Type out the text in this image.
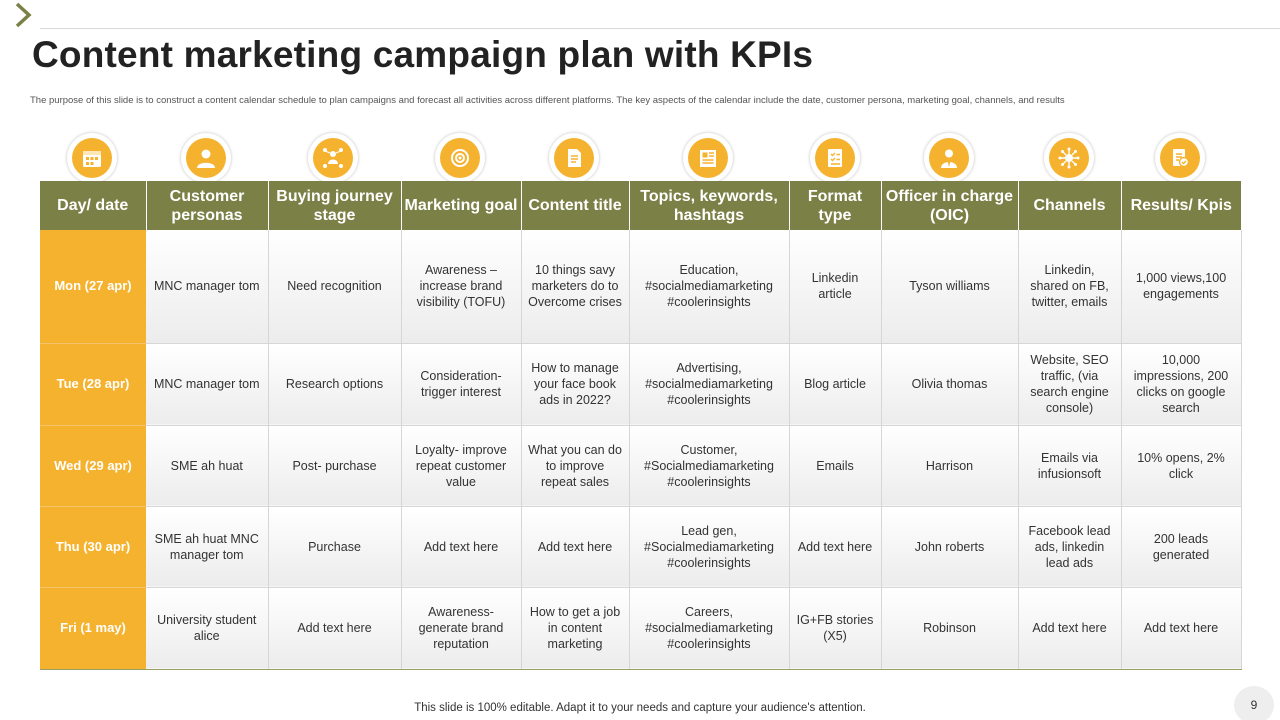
Content marketing campaign plan with KPIs

The purpose of this slide is to construct a content calendar schedule to plan campaigns and forecast all activities across different platforms. The key aspects of the calendar include the date, customer persona, marketing goal, channels, and results

Day/ date	Customer personas	Buying journey stage	Marketing goal	Content title	Topics, keywords, hashtags	Format type	Officer in charge (OIC)	Channels	Results/ Kpis
Mon (27 apr)	MNC manager tom	Need recognition	Awareness – increase brand visibility (TOFU)	10 things savy marketers do to Overcome crises	Education, #socialmediamarketing #coolerinsights	Linkedin article	Tyson williams	Linkedin, shared on FB, twitter, emails	1,000 views,100 engagements
Tue (28 apr)	MNC manager tom	Research options	Consideration- trigger interest	How to manage your face book ads in 2022?	Advertising, #socialmediamarketing #coolerinsights	Blog article	Olivia thomas	Website, SEO traffic, (via search engine console)	10,000 impressions, 200 clicks on google search
Wed (29 apr)	SME ah huat	Post- purchase	Loyalty- improve repeat customer value	What you can do to improve repeat sales	Customer, #Socialmediamarketing #coolerinsights	Emails	Harrison	Emails via infusionsoft	10% opens, 2% click
Thu (30 apr)	SME ah huat MNC manager tom	Purchase	Add text here	Add text here	Lead gen, #Socialmediamarketing #coolerinsights	Add text here	John roberts	Facebook lead ads, linkedin lead ads	200 leads generated
Fri (1 may)	University student alice	Add text here	Awareness- generate brand reputation	How to get a job in content marketing	Careers, #socialmediamarketing #coolerinsights	IG+FB stories (X5)	Robinson	Add text here	Add text here

This slide is 100% editable. Adapt it to your needs and capture your audience's attention.	9
